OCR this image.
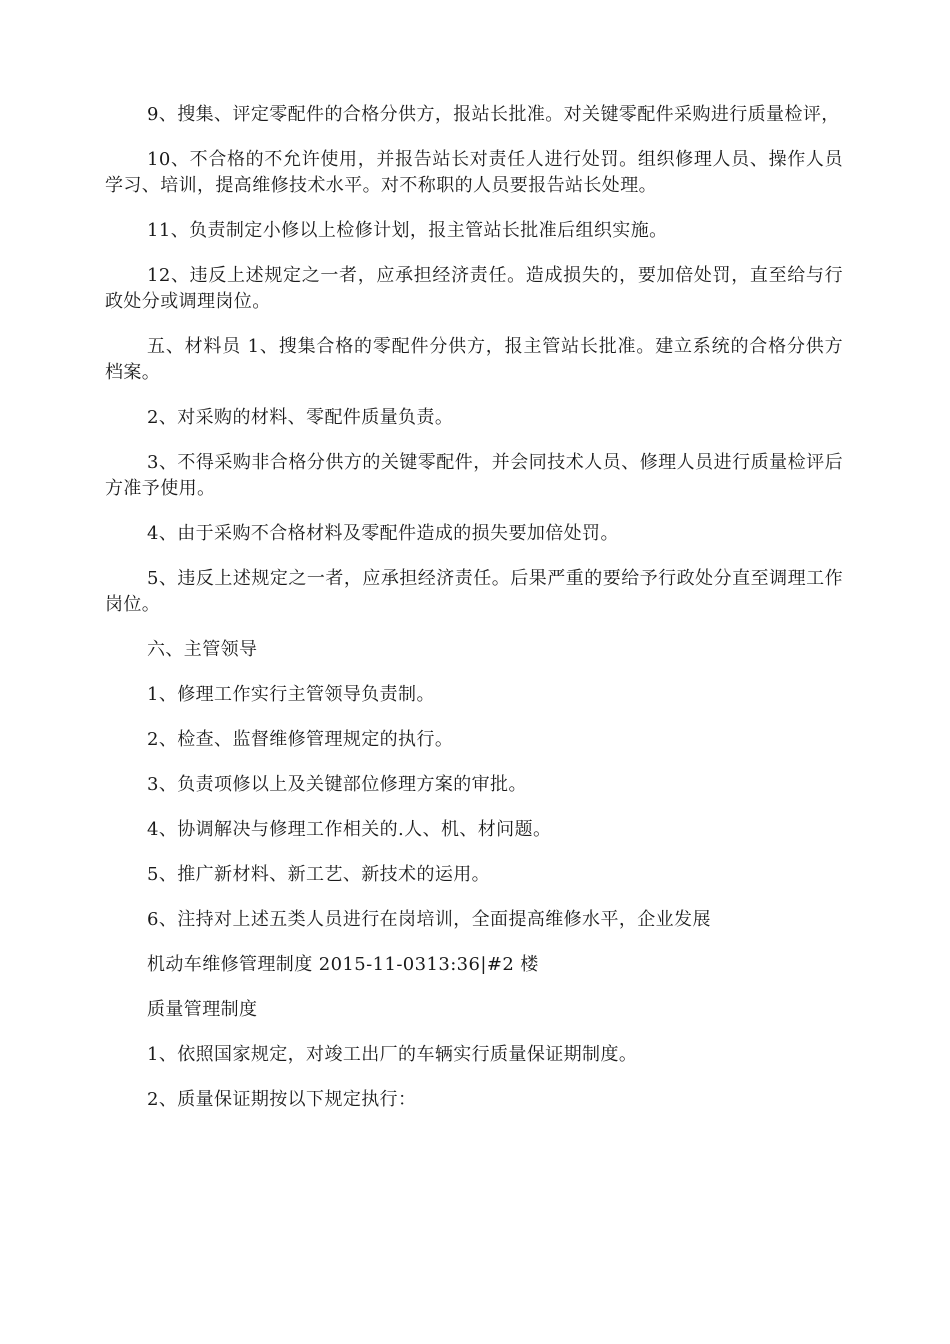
9、搜集、评定零配件的合格分供方，报站长批准。对关键零配件采购进行质量检评，

10、不合格的不允许使用，并报告站长对责任人进行处罚。组织修理人员、操作人员学习、培训，提高维修技术水平。对不称职的人员要报告站长处理。

11、负责制定小修以上检修计划，报主管站长批准后组织实施。

12、违反上述规定之一者，应承担经济责任。造成损失的，要加倍处罚，直至给与行政处分或调理岗位。

五、材料员 1、搜集合格的零配件分供方，报主管站长批准。建立系统的合格分供方档案。

2、对采购的材料、零配件质量负责。

3、不得采购非合格分供方的关键零配件，并会同技术人员、修理人员进行质量检评后方准予使用。

4、由于采购不合格材料及零配件造成的损失要加倍处罚。

5、违反上述规定之一者，应承担经济责任。后果严重的要给予行政处分直至调理工作岗位。

六、主管领导

1、修理工作实行主管领导负责制。

2、检查、监督维修管理规定的执行。

3、负责项修以上及关键部位修理方案的审批。

4、协调解决与修理工作相关的.人、机、材问题。

5、推广新材料、新工艺、新技术的运用。

6、注持对上述五类人员进行在岗培训，全面提高维修水平，企业发展

机动车维修管理制度 2015-11-0313:36|#2 楼

质量管理制度

1、依照国家规定，对竣工出厂的车辆实行质量保证期制度。

2、质量保证期按以下规定执行：
